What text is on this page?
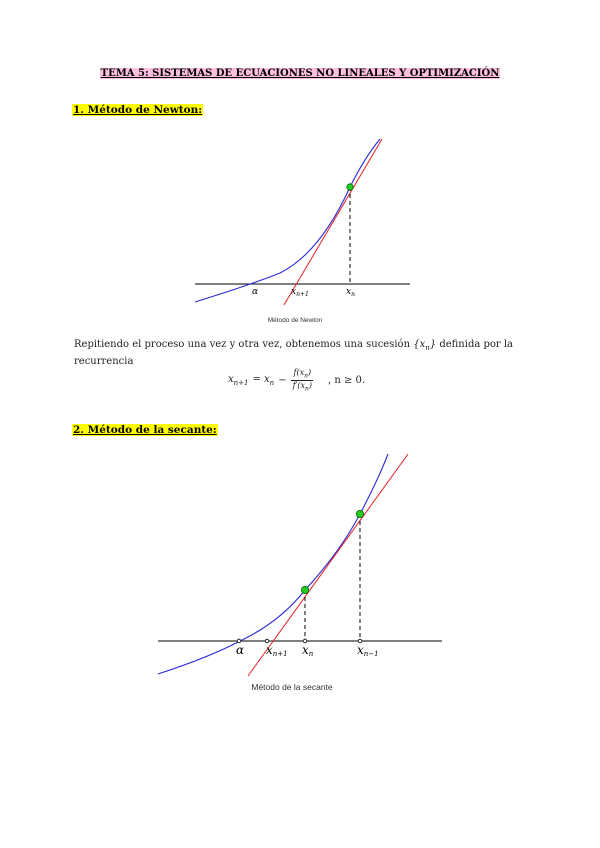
TEMA 5: SISTEMAS DE ECUACIONES NO LINEALES Y OPTIMIZACIÓN
1. Método de Newton:
α	$x_{n+1}$	$x_n$
Método de Newton
Repitiendo el proceso una vez y otra vez, obtenemos una sucesión $\{x_n\}$ definida por la recurrencia
$x_{n+1} = x_n - \frac{f(x_n)}{f'(x_n)}$ , n ≥ 0.
2. Método de la secante:
α xn+1 xn	xn−1
Método de la secante
